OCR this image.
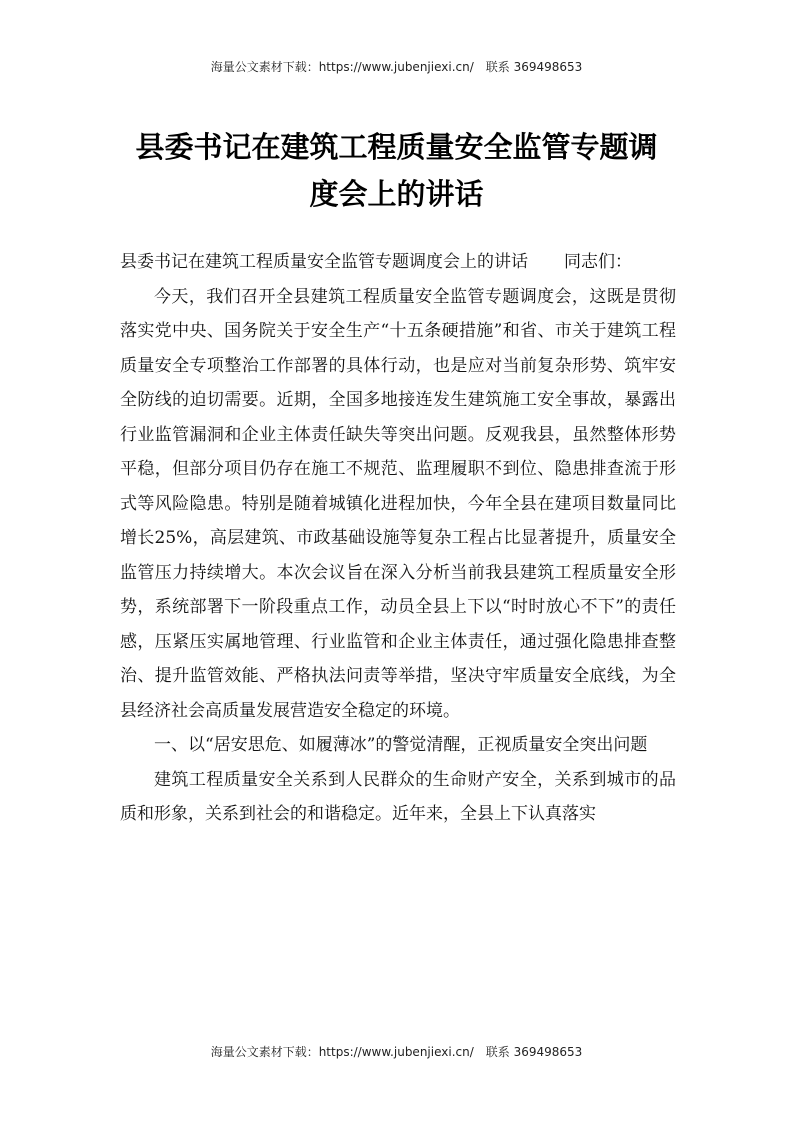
海量公文素材下载：https://www.jubenjiexi.cn/ 联系 369498653
县委书记在建筑工程质量安全监管专题调
度会上的讲话

县委书记在建筑工程质量安全监管专题调度会上的讲话 同志们：

今天，我们召开全县建筑工程质量安全监管专题调度会，这既是贯彻落实党中央、国务院关于安全生产“十五条硬措施”和省、市关于建筑工程质量安全专项整治工作部署的具体行动，也是应对当前复杂形势、筑牢安全防线的迫切需要。近期，全国多地接连发生建筑施工安全事故，暴露出行业监管漏洞和企业主体责任缺失等突出问题。反观我县，虽然整体形势平稳，但部分项目仍存在施工不规范、监理履职不到位、隐患排查流于形式等风险隐患。特别是随着城镇化进程加快，今年全县在建项目数量同比增长25%，高层建筑、市政基础设施等复杂工程占比显著提升，质量安全监管压力持续增大。本次会议旨在深入分析当前我县建筑工程质量安全形势，系统部署下一阶段重点工作，动员全县上下以“时时放心不下”的责任感，压紧压实属地管理、行业监管和企业主体责任，通过强化隐患排查整治、提升监管效能、严格执法问责等举措，坚决守牢质量安全底线，为全县经济社会高质量发展营造安全稳定的环境。

一、以“居安思危、如履薄冰”的警觉清醒，正视质量安全突出问题

建筑工程质量安全关系到人民群众的生命财产安全，关系到城市的品质和形象，关系到社会的和谐稳定。近年来，全县上下认真落实

海量公文素材下载：https://www.jubenjiexi.cn/ 联系 369498653
